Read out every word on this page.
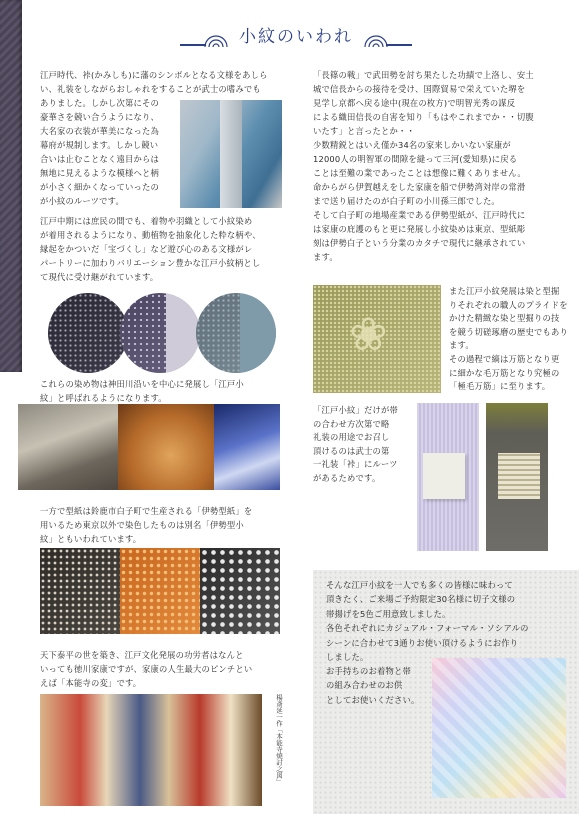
小紋のいわれ
江戸時代、裃(かみしも)に藩のシンボルとなる文様をあしら
い、礼装をしながらおしゃれをすることが武士の嗜みでも
ありました。しかし次第にその
豪華さを競い合うようになり、
大名家の衣装が華美になった為
幕府が規制します。しかし競い
合いは止むことなく遠目からは
無地に見えるような模様へと柄
が小さく細かくなっていったの
が小紋のルーツです。
江戸中期には庶民の間でも、着物や羽織として小紋染め
が着用されるようになり、動植物を抽象化した粋な柄や、
縁起をかついだ「宝づくし」など遊び心のある文様がレ
パートリーに加わりバリエーション豊かな江戸小紋柄とし
て現代に受け継がれています。
これらの染め物は神田川沿いを中心に発展し「江戸小
紋」と呼ばれるようになります。
一方で型紙は鈴鹿市白子町で生産される「伊勢型紙」を
用いるため東京以外で染色したものは別名「伊勢型小
紋」ともいわれています。
天下泰平の世を築き、江戸文化発展の功労者はなんと
いっても徳川家康ですが、家康の人生最大のピンチとい
えば「本能寺の変」です。
楊斎延一作「本能寺焼討之図」
「長篠の戦」で武田勢を討ち果たした功績で上洛し、安土
城で信長からの接待を受け、国際貿易で栄えていた堺を
見学し京都へ戻る途中(現在の枚方)で明智光秀の謀反
による織田信長の自害を知り「もはやこれまでか・・切腹
いたす」と言ったとか・・
少数精鋭とはいえ僅か34名の家来しかいない家康が
12000人の明智軍の間隙を縫って三河(愛知県)に戻る
ことは至難の業であったことは想像に難くありません。
命からがら伊賀越えをした家康を船で伊勢湾対岸の常滑
まで送り届けたのが白子町の小川孫三郎でした。
そして白子町の地場産業である伊勢型紙が、江戸時代に
は家康の庇護のもと更に発展し小紋染めは東京、型紙彫
刻は伊勢白子という分業のカタチで現代に継承されてい
ます。
❀
また江戸小紋発展は染と型掘
りそれぞれの職人のプライドを
かけた精緻な染と型掘りの技
を競う切磋琢磨の歴史でもあり
ます。
その過程で縞は万筋となり更
に細かな毛万筋となり究極の
「極毛万筋」に至ります。
「江戸小紋」だけが帯
の合わせ方次第で略
礼装の用途でお召し
頂けるのは武士の第
一礼装「裃」にルーツ
があるためです。
そんな江戸小紋を一人でも多くの皆様に味わって
頂きたく、ご来場ご予約限定30名様に切子文様の
帯揚げを5色ご用意致しました。
各色それぞれにカジュアル・フォーマル・ソシアルの
シーンに合わせて3通りお使い頂けるようにお作り
しました。
お手持ちのお着物と帯
の組み合わせのお供
としてお使いください。
